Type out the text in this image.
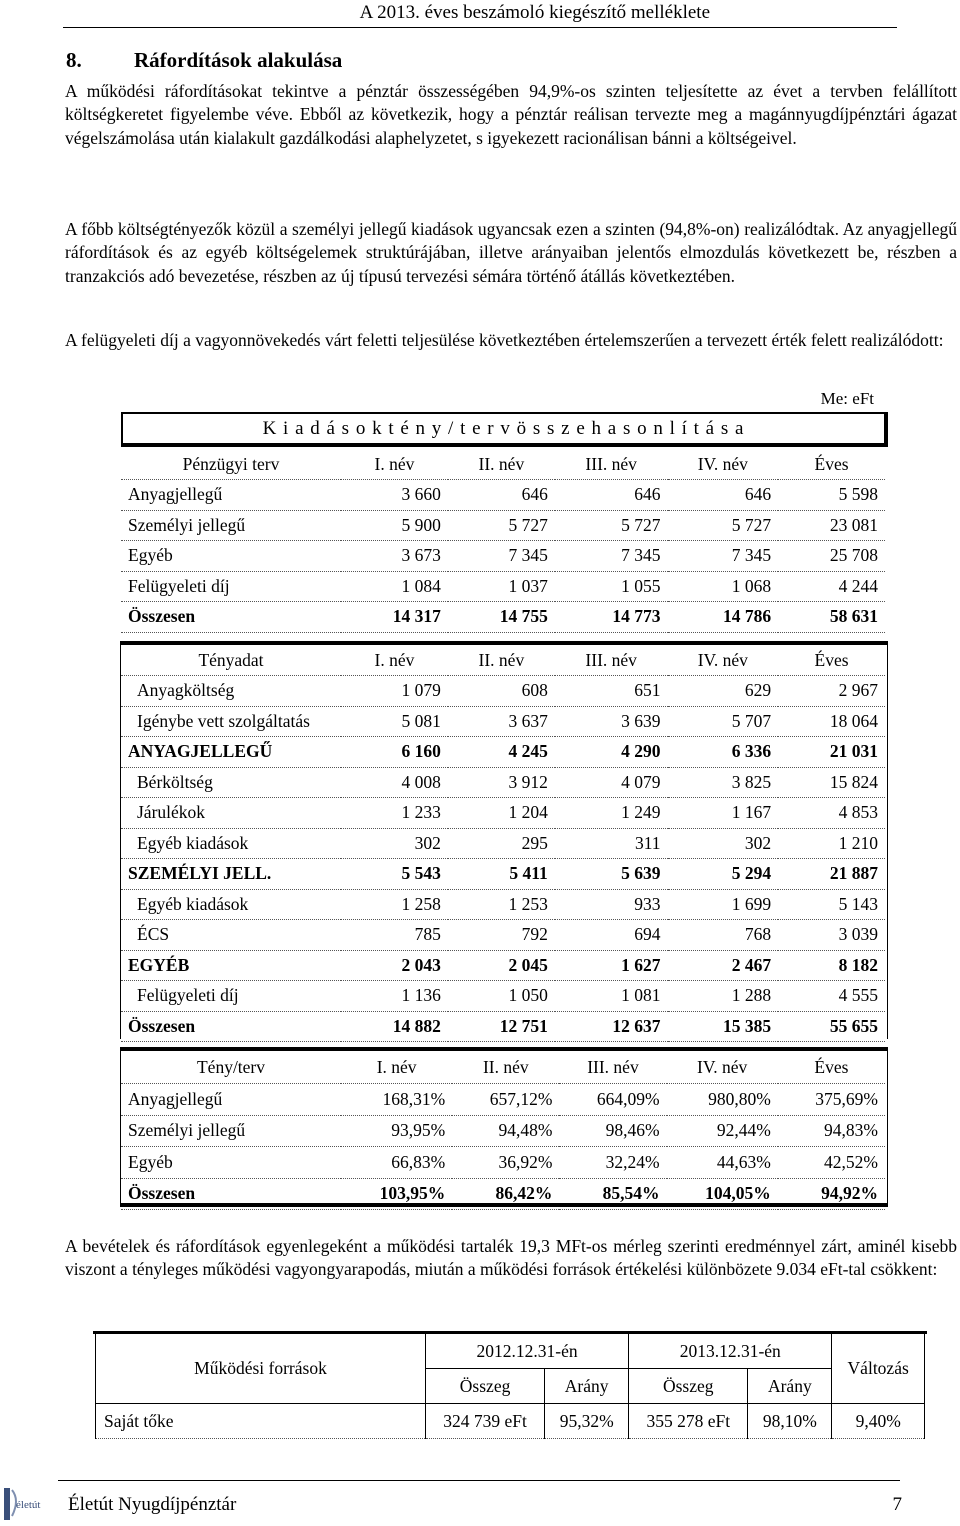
A 2013. éves beszámoló kiegészítő melléklete
8. Ráfordítások alakulása
A működési ráfordításokat tekintve a pénztár összességében 94,9%-os szinten teljesítette az évet a tervben felállított költségkeretet figyelembe véve. Ebből az következik, hogy a pénztár reálisan tervezte meg a magánnyugdíjpénztári ágazat végelszámolása után kialakult gazdálkodási alaphelyzetet, s igyekezett racionálisan bánni a költségeivel.
A főbb költségtényezők közül a személyi jellegű kiadások ugyancsak ezen a szinten (94,8%-on) realizálódtak. Az anyagjellegű ráfordítások és az egyéb költségelemek struktúrájában, illetve arányaiban jelentős elmozdulás következett be, részben a tranzakciós adó bevezetése, részben az új típusú tervezési sémára történő átállás következtében.
A felügyeleti díj a vagyonnövekedés várt feletti teljesülése következtében értelemszerűen a tervezett érték felett realizálódott:
Me: eFt
K i a d á s o k t é n y / t e r v ö s s z e h a s o n l í t á s a
Pénzügyi terv	I. név	II. név	III. név	IV. név	Éves
Anyagjellegű	3 660	646	646	646	5 598
Személyi jellegű	5 900	5 727	5 727	5 727	23 081
Egyéb	3 673	7 345	7 345	7 345	25 708
Felügyeleti díj	1 084	1 037	1 055	1 068	4 244
Összesen	14 317	14 755	14 773	14 786	58 631
Tényadat	I. név	II. név	III. név	IV. név	Éves
Anyagköltség	1 079	608	651	629	2 967
Igénybe vett szolgáltatás	5 081	3 637	3 639	5 707	18 064
ANYAGJELLEGŰ	6 160	4 245	4 290	6 336	21 031
Bérköltség	4 008	3 912	4 079	3 825	15 824
Járulékok	1 233	1 204	1 249	1 167	4 853
Egyéb kiadások	302	295	311	302	1 210
SZEMÉLYI JELL.	5 543	5 411	5 639	5 294	21 887
Egyéb kiadások	1 258	1 253	933	1 699	5 143
ÉCS	785	792	694	768	3 039
EGYÉB	2 043	2 045	1 627	2 467	8 182
Felügyeleti díj	1 136	1 050	1 081	1 288	4 555
Összesen	14 882	12 751	12 637	15 385	55 655
Tény/terv	I. név	II. név	III. név	IV. név	Éves
Anyagjellegű	168,31%	657,12%	664,09%	980,80%	375,69%
Személyi jellegű	93,95%	94,48%	98,46%	92,44%	94,83%
Egyéb	66,83%	36,92%	32,24%	44,63%	42,52%
Összesen	103,95%	86,42%	85,54%	104,05%	94,92%
A bevételek és ráfordítások egyenlegeként a működési tartalék 19,3 MFt-os mérleg szerinti eredménnyel zárt, aminél kisebb viszont a tényleges működési vagyongyarapodás, miután a működési források értékelési különbözete 9.034 eFt-tal csökkent:
Működési források	2012.12.31-én		2013.12.31-én		Változás
	Összeg	Arány	Összeg	Arány	
Saját tőke	324 739 eFt	95,32%	355 278 eFt	98,10%	9,40%
életút Életút Nyugdíjpénztár	7
